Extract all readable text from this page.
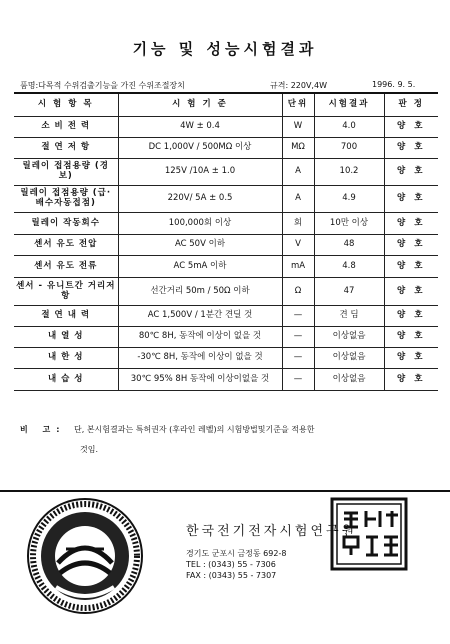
기능 및 성능시험결과
품명:다목적 수위검출기능을 가진 수위조절장치	규격: 220V,4W	1996. 9. 5.
시 험 항 목	시 험 기 준	단위	시험결과	판 정
소 비 전 력	4W ± 0.4	W	4.0	양 호
절 연 저 항	DC 1,000V / 500MΩ 이상	MΩ	700	양 호
릴레이 접점용량 (경 보)	125V /10A ± 1.0	A	10.2	양 호
릴레이 접점용량 (급·배수자동접점)	220V/ 5A ± 0.5	A	4.9	양 호
릴레이 작동회수	100,000회 이상	회	10만 이상	양 호
센서 유도 전압	AC 50V 이하	V	48	양 호
센서 유도 전류	AC 5mA 이하	mA	4.8	양 호
센서 - 유니트간 거리저항	선간거리 50m / 50Ω 이하	Ω	47	양 호
절 연 내 력	AC 1,500V / 1분간 견딜 것	—	견 딤	양 호
내 열 성	80℃ 8H, 동작에 이상이 없을 것	—	이상없음	양 호
내 한 성	-30℃ 8H, 동작에 이상이 없을 것	—	이상없음	양 호
내 습 성	30℃ 95% 8H 동작에 이상이없을 것	—	이상없음	양 호
비 고: 단, 본시험결과는 특허권자 (후라인 레벨)의 시험방법및기준을 적용한
것임.
한국전기전자시험연구원
경기도 군포시 금정동 692-8
TEL : (0343) 55 - 7306
FAX : (0343) 55 - 7307
